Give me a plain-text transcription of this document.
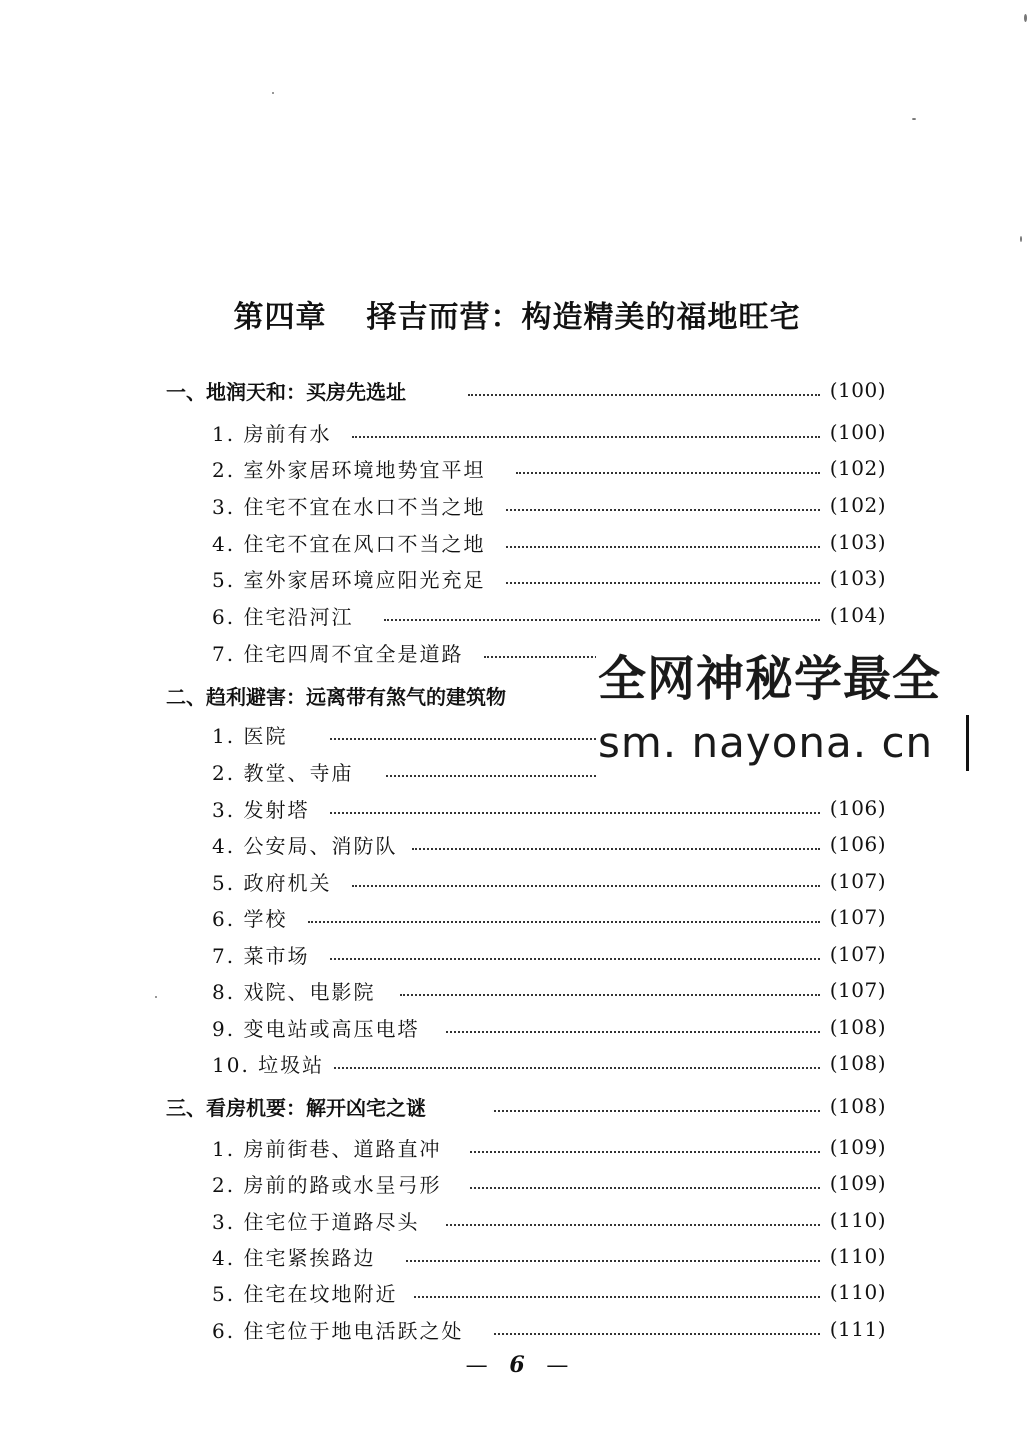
第四章 择吉而营：构造精美的福地旺宅
一、地润天和：买房先选址	(100)
1. 房前有水	(100)
2. 室外家居环境地势宜平坦	(102)
3. 住宅不宜在水口不当之地	(102)
4. 住宅不宜在风口不当之地	(103)
5. 室外家居环境应阳光充足	(103)
6. 住宅沿河江	(104)
7. 住宅四周不宜全是道路
二、趋利避害：远离带有煞气的建筑物
1. 医院
2. 教堂、寺庙
3. 发射塔	(106)
4. 公安局、消防队	(106)
5. 政府机关	(107)
6. 学校	(107)
7. 菜市场	(107)
8. 戏院、电影院	(107)
9. 变电站或高压电塔	(108)
10. 垃圾站	(108)
三、看房机要：解开凶宅之谜	(108)
1. 房前街巷、道路直冲	(109)
2. 房前的路或水呈弓形	(109)
3. 住宅位于道路尽头	(110)
4. 住宅紧挨路边	(110)
5. 住宅在坟地附近	(110)
6. 住宅位于地电活跃之处	(111)
全网神秘学最全
sm. nayona. cn
— 6 —
